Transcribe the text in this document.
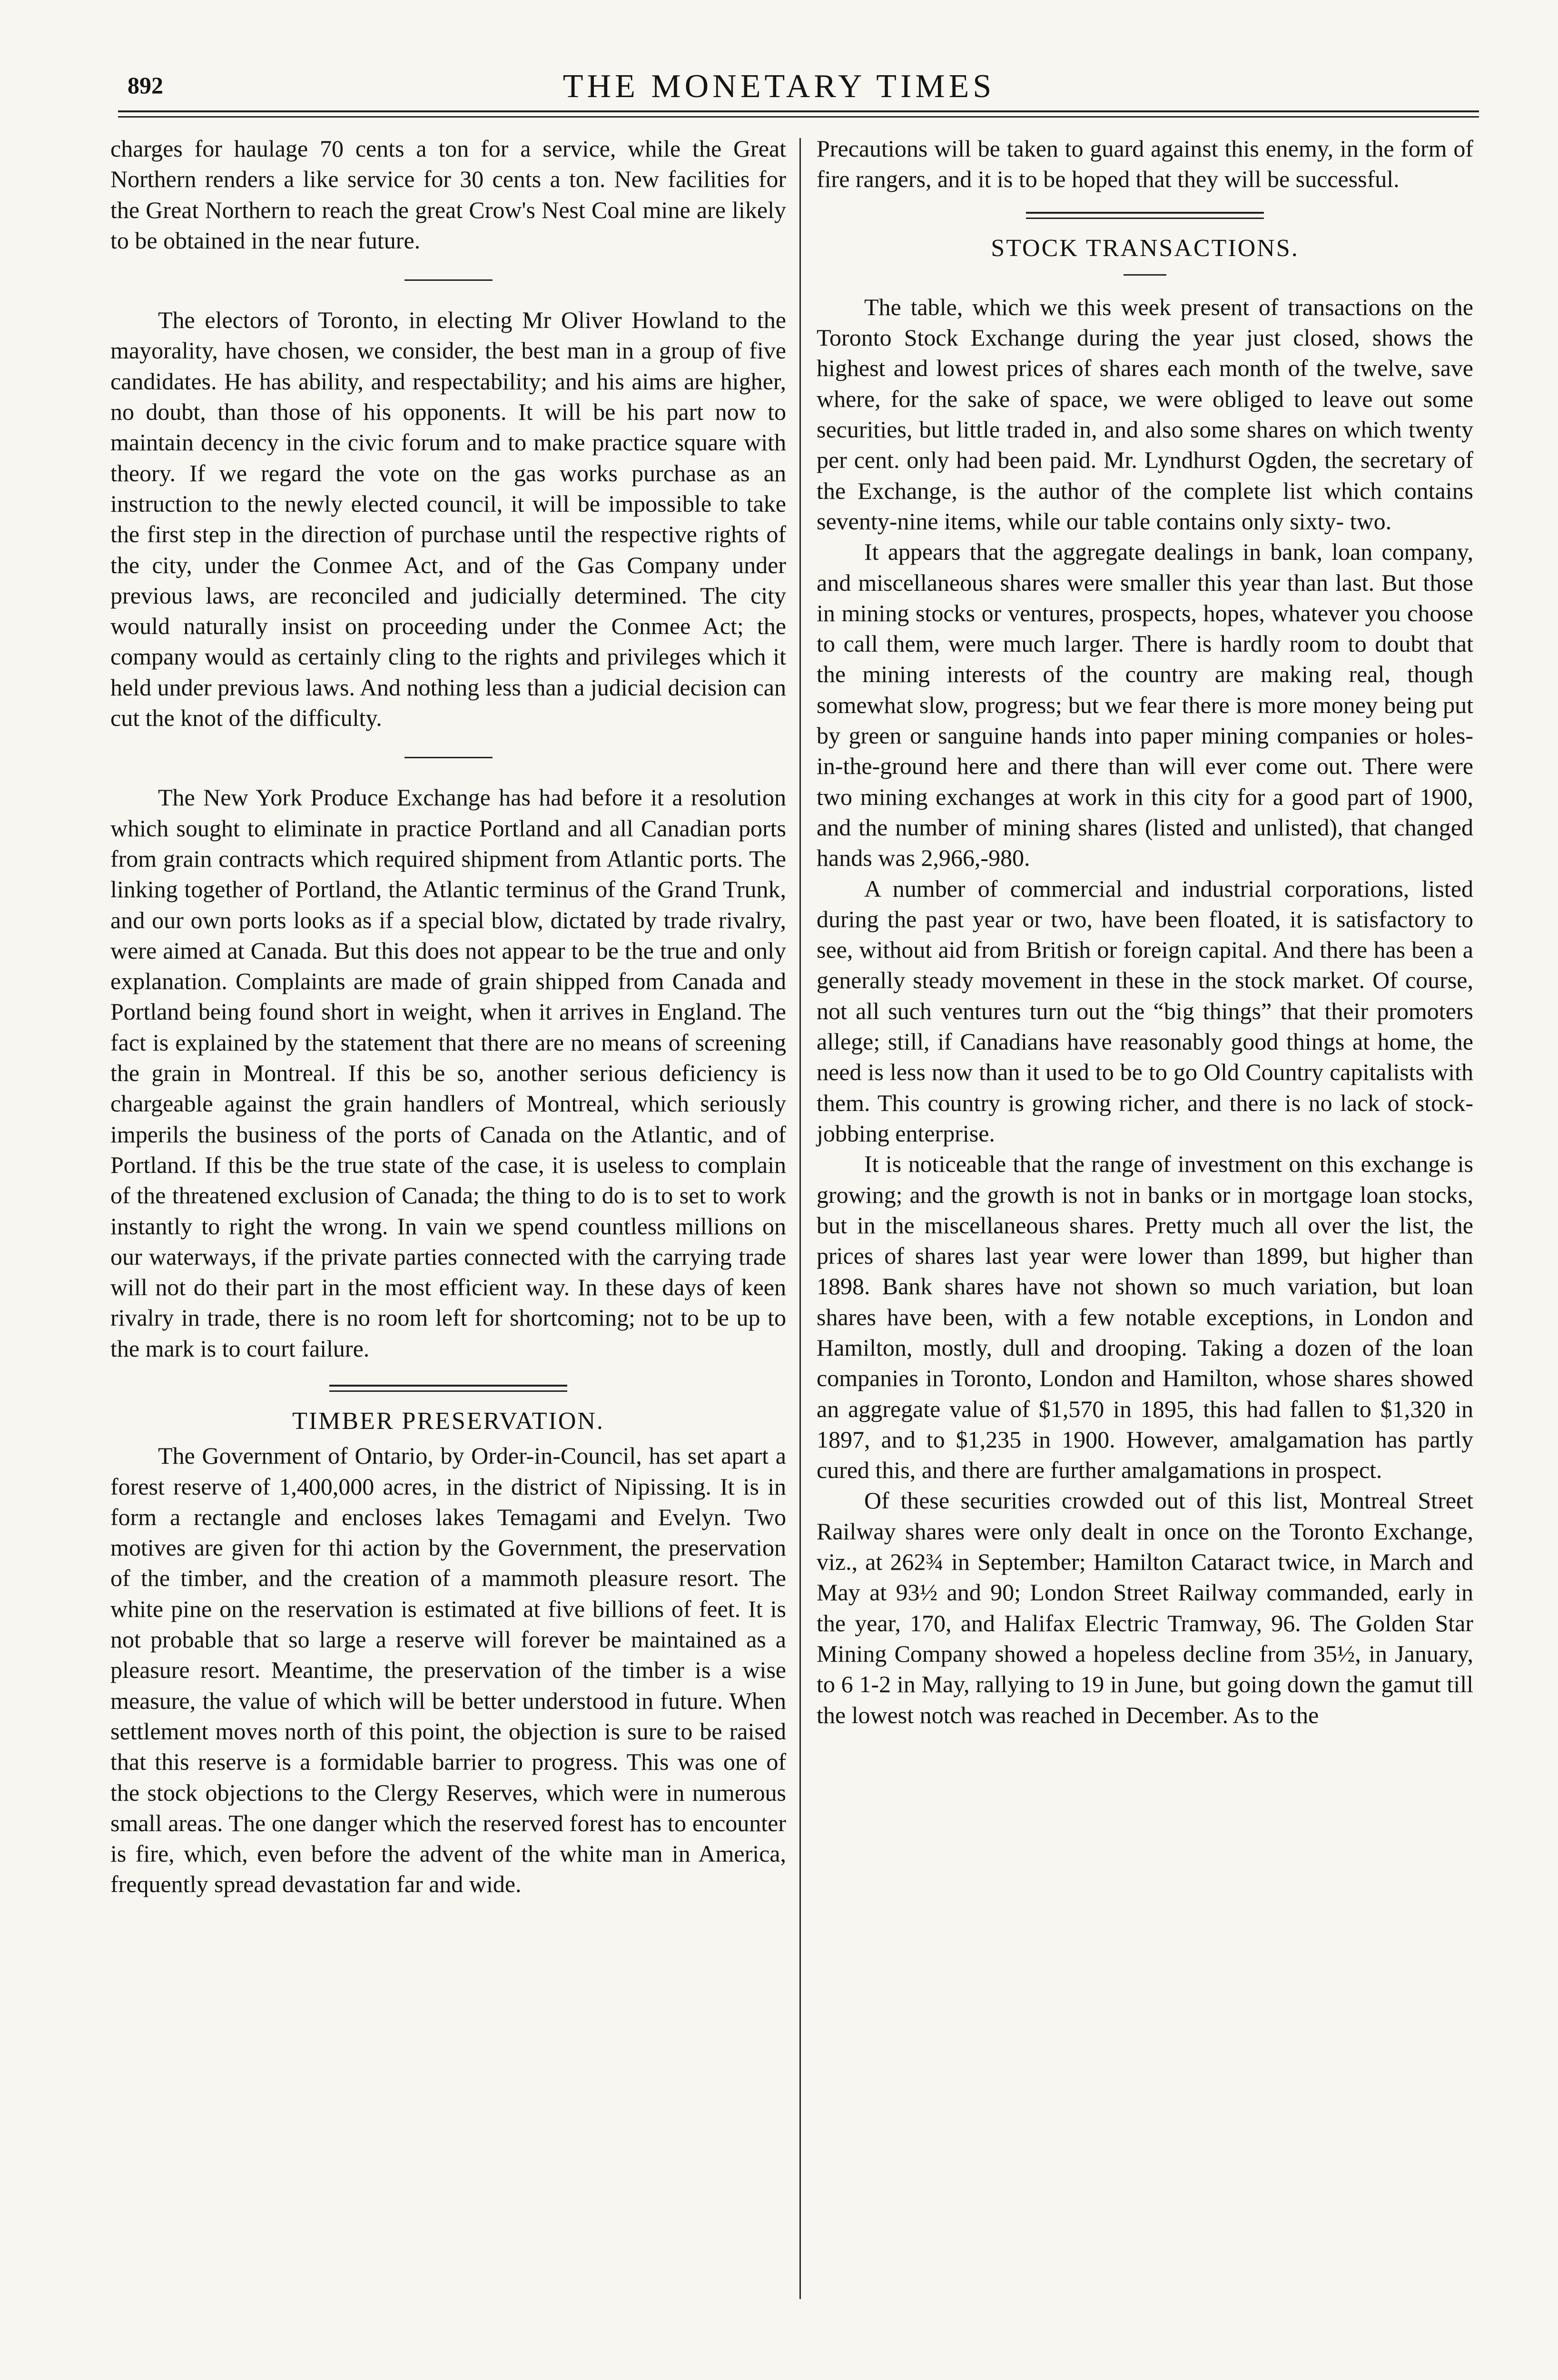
892	THE MONETARY TIMES

charges for haulage 70 cents a ton for a service, while the Great Northern renders a like service for 30 cents a ton. New facilities for the Great Northern to reach the great Crow's Nest Coal mine are likely to be obtained in the near future.

The electors of Toronto, in electing Mr Oliver Howland to the mayorality, have chosen, we consider, the best man in a group of five candidates. He has ability, and respectability; and his aims are higher, no doubt, than those of his opponents. It will be his part now to maintain decency in the civic forum and to make practice square with theory. If we regard the vote on the gas works purchase as an instruction to the newly elected council, it will be impossible to take the first step in the direction of purchase until the respective rights of the city, under the Conmee Act, and of the Gas Company under previous laws, are reconciled and judicially determined. The city would naturally insist on proceeding under the Conmee Act; the company would as certainly cling to the rights and privileges which it held under previous laws. And nothing less than a judicial decision can cut the knot of the difficulty.

The New York Produce Exchange has had before it a resolution which sought to eliminate in practice Portland and all Canadian ports from grain contracts which required shipment from Atlantic ports. The linking together of Portland, the Atlantic terminus of the Grand Trunk, and our own ports looks as if a special blow, dictated by trade rivalry, were aimed at Canada. But this does not appear to be the true and only explanation. Complaints are made of grain shipped from Canada and Portland being found short in weight, when it arrives in England. The fact is explained by the statement that there are no means of screening the grain in Montreal. If this be so, another serious deficiency is chargeable against the grain handlers of Montreal, which seriously imperils the business of the ports of Canada on the Atlantic, and of Portland. If this be the true state of the case, it is useless to complain of the threatened exclusion of Canada; the thing to do is to set to work instantly to right the wrong. In vain we spend countless millions on our waterways, if the private parties connected with the carrying trade will not do their part in the most efficient way. In these days of keen rivalry in trade, there is no room left for shortcoming; not to be up to the mark is to court failure.

TIMBER PRESERVATION.

The Government of Ontario, by Order-in-Council, has set apart a forest reserve of 1,400,000 acres, in the district of Nipissing. It is in form a rectangle and encloses lakes Temagami and Evelyn. Two motives are given for thi action by the Government, the preservation of the timber, and the creation of a mammoth pleasure resort. The white pine on the reservation is estimated at five billions of feet. It is not probable that so large a reserve will forever be maintained as a pleasure resort. Meantime, the preservation of the timber is a wise measure, the value of which will be better understood in future. When settlement moves north of this point, the objection is sure to be raised that this reserve is a formidable barrier to progress. This was one of the stock objections to the Clergy Reserves, which were in numerous small areas. The one danger which the reserved forest has to encounter is fire, which, even before the advent of the white man in America, frequently spread devastation far and wide.

Precautions will be taken to guard against this enemy, in the form of fire rangers, and it is to be hoped that they will be successful.

STOCK TRANSACTIONS.

The table, which we this week present of transactions on the Toronto Stock Exchange during the year just closed, shows the highest and lowest prices of shares each month of the twelve, save where, for the sake of space, we were obliged to leave out some securities, but little traded in, and also some shares on which twenty per cent. only had been paid. Mr. Lyndhurst Ogden, the secretary of the Exchange, is the author of the complete list which contains seventy-nine items, while our table contains only sixty- two.

It appears that the aggregate dealings in bank, loan company, and miscellaneous shares were smaller this year than last. But those in mining stocks or ventures, prospects, hopes, whatever you choose to call them, were much larger. There is hardly room to doubt that the mining interests of the country are making real, though somewhat slow, progress; but we fear there is more money being put by green or sanguine hands into paper mining companies or holes-in-the-ground here and there than will ever come out. There were two mining exchanges at work in this city for a good part of 1900, and the number of mining shares (listed and unlisted), that changed hands was 2,966,-980.

A number of commercial and industrial corporations, listed during the past year or two, have been floated, it is satisfactory to see, without aid from British or foreign capital. And there has been a generally steady movement in these in the stock market. Of course, not all such ventures turn out the “big things” that their promoters allege; still, if Canadians have reasonably good things at home, the need is less now than it used to be to go Old Country capitalists with them. This country is growing richer, and there is no lack of stock-jobbing enterprise.

It is noticeable that the range of investment on this exchange is growing; and the growth is not in banks or in mortgage loan stocks, but in the miscellaneous shares. Pretty much all over the list, the prices of shares last year were lower than 1899, but higher than 1898. Bank shares have not shown so much variation, but loan shares have been, with a few notable exceptions, in London and Hamilton, mostly, dull and drooping. Taking a dozen of the loan companies in Toronto, London and Hamilton, whose shares showed an aggregate value of $1,570 in 1895, this had fallen to $1,320 in 1897, and to $1,235 in 1900. However, amalgamation has partly cured this, and there are further amalgamations in prospect.

Of these securities crowded out of this list, Montreal Street Railway shares were only dealt in once on the Toronto Exchange, viz., at 262¾ in September; Hamilton Cataract twice, in March and May at 93½ and 90; London Street Railway commanded, early in the year, 170, and Halifax Electric Tramway, 96. The Golden Star Mining Company showed a hopeless decline from 35½, in January, to 6 1-2 in May, rallying to 19 in June, but going down the gamut till the lowest notch was reached in December. As to the
